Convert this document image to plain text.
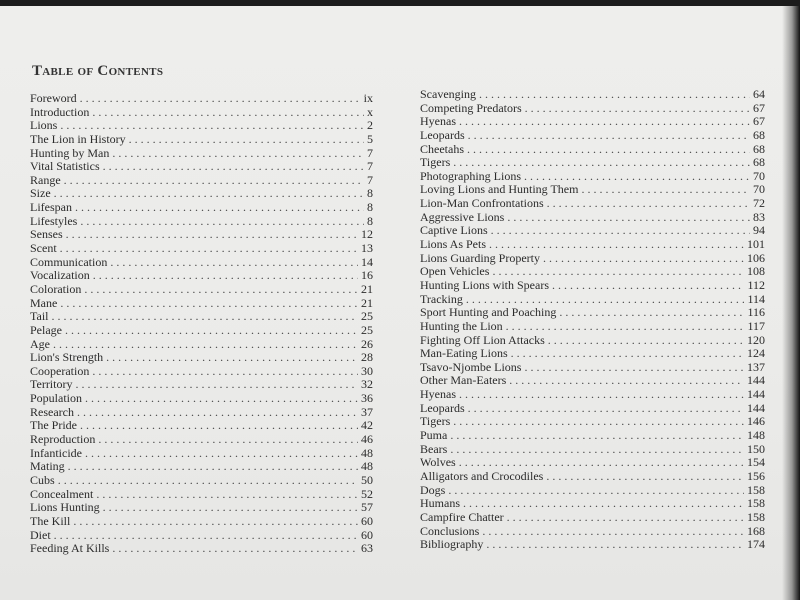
Table of Contents
Foreword . . .	ix
Introduction . . .	x
Lions . . .	2
The Lion in History . . .	5
Hunting by Man . . .	7
Vital Statistics . . .	7
Range . . .	7
Size . . .	8
Lifespan . . .	8
Lifestyles . . .	8
Senses . . .	12
Scent . . .	13
Communication . . .	14
Vocalization . . .	16
Coloration . . .	21
Mane . . .	21
Tail . . .	25
Pelage . . .	25
Age . . .	26
Lion's Strength . . .	28
Cooperation . . .	30
Territory . . .	32
Population . . .	36
Research . . .	37
The Pride . . .	42
Reproduction . . .	46
Infanticide . . .	48
Mating . . .	48
Cubs . . .	50
Concealment . . .	52
Lions Hunting . . .	57
The Kill . . .	60
Diet . . .	60
Feeding At Kills . . .	63
Scavenging . . .	64
Competing Predators . . .	67
Hyenas . . .	67
Leopards . . .	68
Cheetahs . . .	68
Tigers . . .	68
Photographing Lions . . .	70
Loving Lions and Hunting Them . . .	70
Lion-Man Confrontations . . .	72
Aggressive Lions . . .	83
Captive Lions . . .	94
Lions As Pets . . .	101
Lions Guarding Property . . .	106
Open Vehicles . . .	108
Hunting Lions with Spears . . .	112
Tracking . . .	114
Sport Hunting and Poaching . . .	116
Hunting the Lion . . .	117
Fighting Off Lion Attacks . . .	120
Man-Eating Lions . . .	124
Tsavo-Njombe Lions . . .	137
Other Man-Eaters . . .	144
Hyenas . . .	144
Leopards . . .	144
Tigers . . .	146
Puma . . .	148
Bears . . .	150
Wolves . . .	154
Alligators and Crocodiles . . .	156
Dogs . . .	158
Humans . . .	158
Campfire Chatter . . .	158
Conclusions . . .	168
Bibliography . . .	174
